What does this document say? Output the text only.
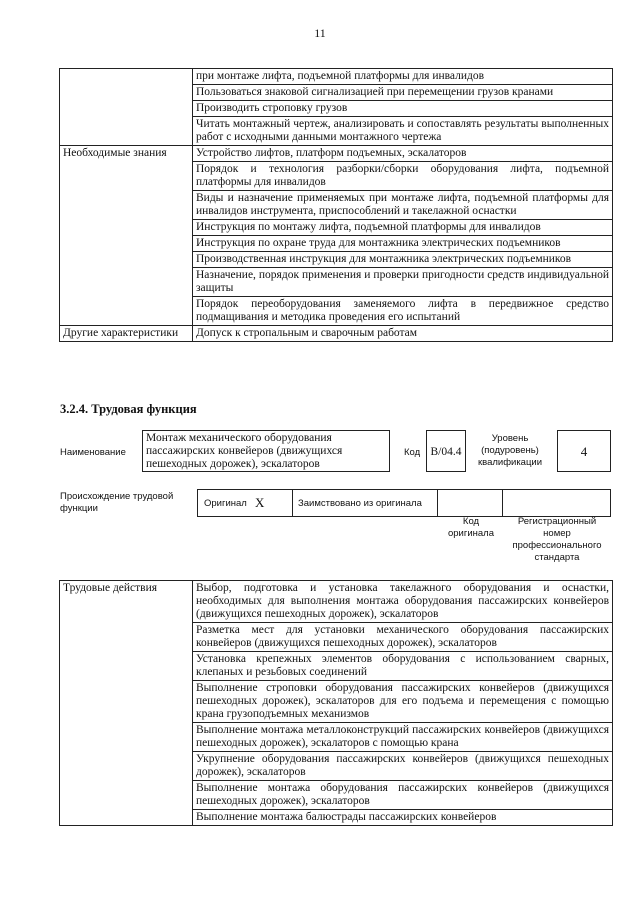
11
	при монтаже лифта, подъемной платформы для инвалидов
	Пользоваться знаковой сигнализацией при перемещении грузов кранами
	Производить строповку грузов
	Читать монтажный чертеж, анализировать и сопоставлять результаты выполненных работ с исходными данными монтажного чертежа
Необходимые знания	Устройство лифтов, платформ подъемных, эскалаторов
	Порядок и технология разборки/сборки оборудования лифта, подъемной платформы для инвалидов
	Виды и назначение применяемых при монтаже лифта, подъемной платформы для инвалидов инструмента, приспособлений и такелажной оснастки
	Инструкция по монтажу лифта, подъемной платформы для инвалидов
	Инструкция по охране труда для монтажника электрических подъемников
	Производственная инструкция для монтажника электрических подъемников
	Назначение, порядок применения и проверки пригодности средств индивидуальной защиты
	Порядок переоборудования заменяемого лифта в передвижное средство подмащивания и методика проведения его испытаний
Другие характеристики	Допуск к стропальным и сварочным работам
3.2.4. Трудовая функция
Наименование
Монтаж механического оборудования пассажирских конвейеров (движущихся пешеходных дорожек), эскалаторов
Код В/04.4
Уровень (подуровень) квалификации
4
Происхождение трудовой функции	Оригинал X	Заимствовано из оригинала
Код оригинала
Регистрационный номер профессионального стандарта
Трудовые действия	Выбор, подготовка и установка такелажного оборудования и оснастки, необходимых для выполнения монтажа оборудования пассажирских конвейеров (движущихся пешеходных дорожек), эскалаторов
Разметка мест для установки механического оборудования пассажирских конвейеров (движущихся пешеходных дорожек), эскалаторов
Установка крепежных элементов оборудования с использованием сварных, клепаных и резьбовых соединений
Выполнение строповки оборудования пассажирских конвейеров (движущихся пешеходных дорожек), эскалаторов для его подъема и перемещения с помощью крана грузоподъемных механизмов
Выполнение монтажа металлоконструкций пассажирских конвейеров (движущихся пешеходных дорожек), эскалаторов с помощью крана
Укрупнение оборудования пассажирских конвейеров (движущихся пешеходных дорожек), эскалаторов
Выполнение монтажа оборудования пассажирских конвейеров (движущихся пешеходных дорожек), эскалаторов
Выполнение монтажа балюстрады пассажирских конвейеров
